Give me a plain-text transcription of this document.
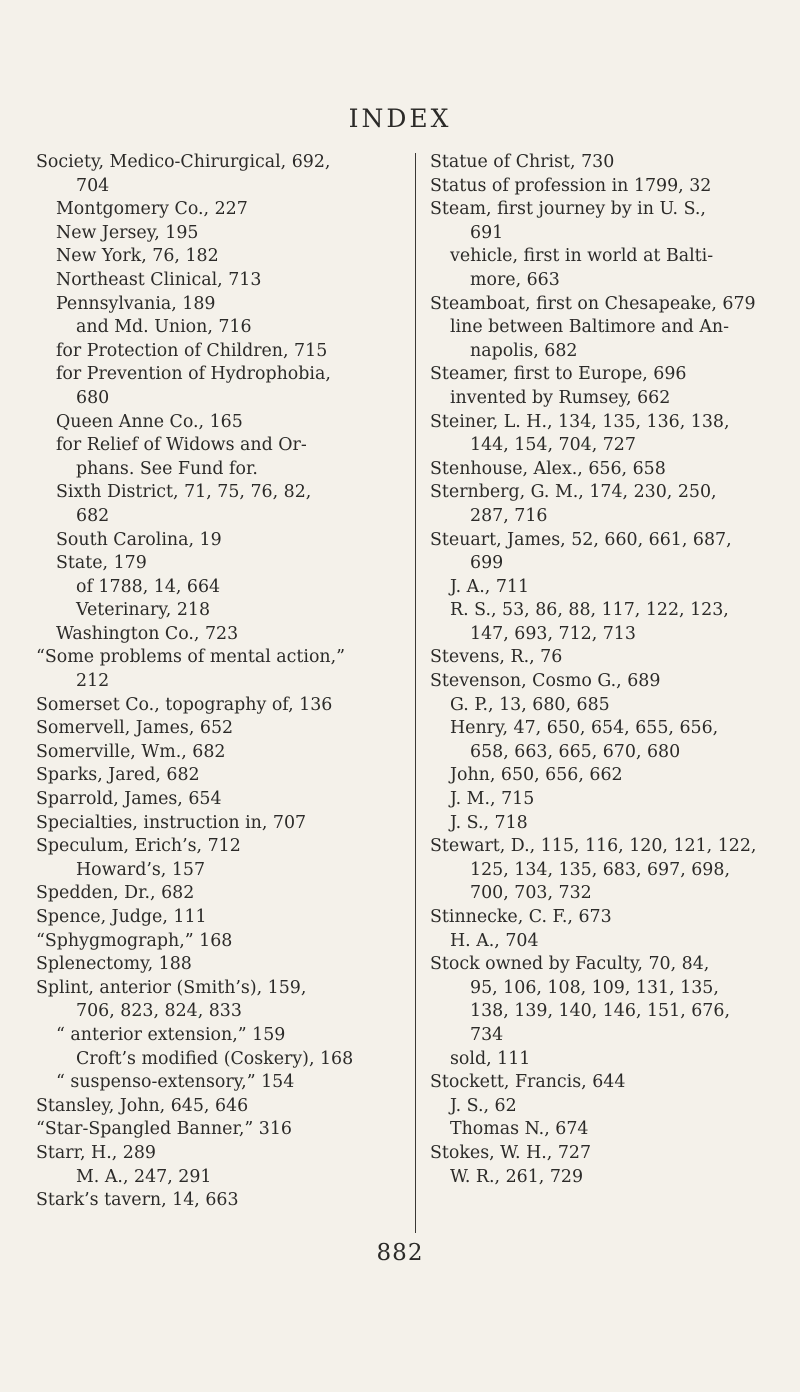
INDEX
Society, Medico-Chirurgical, 692,
704
Montgomery Co., 227
New Jersey, 195
New York, 76, 182
Northeast Clinical, 713
Pennsylvania, 189
and Md. Union, 716
for Protection of Children, 715
for Prevention of Hydrophobia,
680
Queen Anne Co., 165
for Relief of Widows and Or-
phans. See Fund for.
Sixth District, 71, 75, 76, 82,
682
South Carolina, 19
State, 179
of 1788, 14, 664
Veterinary, 218
Washington Co., 723
“Some problems of mental action,”
212
Somerset Co., topography of, 136
Somervell, James, 652
Somerville, Wm., 682
Sparks, Jared, 682
Sparrold, James, 654
Specialties, instruction in, 707
Speculum, Erich’s, 712
Howard’s, 157
Spedden, Dr., 682
Spence, Judge, 111
“Sphygmograph,” 168
Splenectomy, 188
Splint, anterior (Smith’s), 159,
706, 823, 824, 833
“ anterior extension,” 159
Croft’s modified (Coskery), 168
“ suspenso-extensory,” 154
Stansley, John, 645, 646
“Star-Spangled Banner,” 316
Starr, H., 289
M. A., 247, 291
Stark’s tavern, 14, 663
Statue of Christ, 730
Status of profession in 1799, 32
Steam, first journey by in U. S.,
691
vehicle, first in world at Balti-
more, 663
Steamboat, first on Chesapeake, 679
line between Baltimore and An-
napolis, 682
Steamer, first to Europe, 696
invented by Rumsey, 662
Steiner, L. H., 134, 135, 136, 138,
144, 154, 704, 727
Stenhouse, Alex., 656, 658
Sternberg, G. M., 174, 230, 250,
287, 716
Steuart, James, 52, 660, 661, 687,
699
J. A., 711
R. S., 53, 86, 88, 117, 122, 123,
147, 693, 712, 713
Stevens, R., 76
Stevenson, Cosmo G., 689
G. P., 13, 680, 685
Henry, 47, 650, 654, 655, 656,
658, 663, 665, 670, 680
John, 650, 656, 662
J. M., 715
J. S., 718
Stewart, D., 115, 116, 120, 121, 122,
125, 134, 135, 683, 697, 698,
700, 703, 732
Stinnecke, C. F., 673
H. A., 704
Stock owned by Faculty, 70, 84,
95, 106, 108, 109, 131, 135,
138, 139, 140, 146, 151, 676,
734
sold, 111
Stockett, Francis, 644
J. S., 62
Thomas N., 674
Stokes, W. H., 727
W. R., 261, 729
882
